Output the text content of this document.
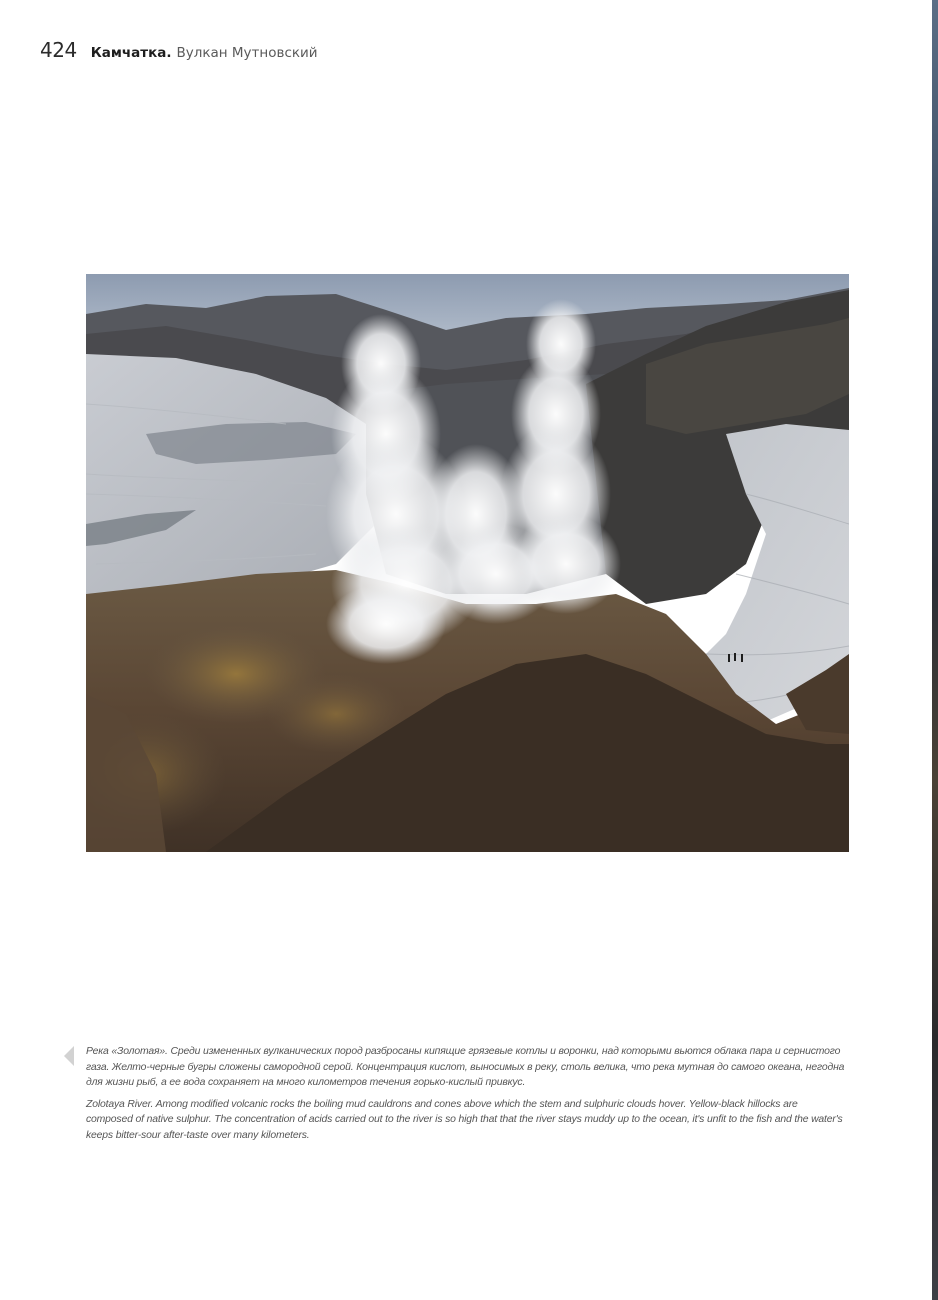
424 Камчатка. Вулкан Мутновский

Река «Золотая». Среди измененных вулканических пород разбросаны кипящие грязевые котлы и воронки, над которыми вьются облака пара и сернистого газа. Желто-черные бугры сложены самородной серой. Концентрация кислот, выносимых в реку, столь велика, что река мутная до самого океана, негодна для жизни рыб, а ее вода сохраняет на много километров течения горько-кислый привкус.

Zolotaya River. Among modified volcanic rocks the boiling mud cauldrons and cones above which the stem and sulphuric clouds hover. Yellow-black hillocks are composed of native sulphur. The concentration of acids carried out to the river is so high that that the river stays muddy up to the ocean, it's unfit to the fish and the water's keeps bitter-sour after-taste over many kilometers.
